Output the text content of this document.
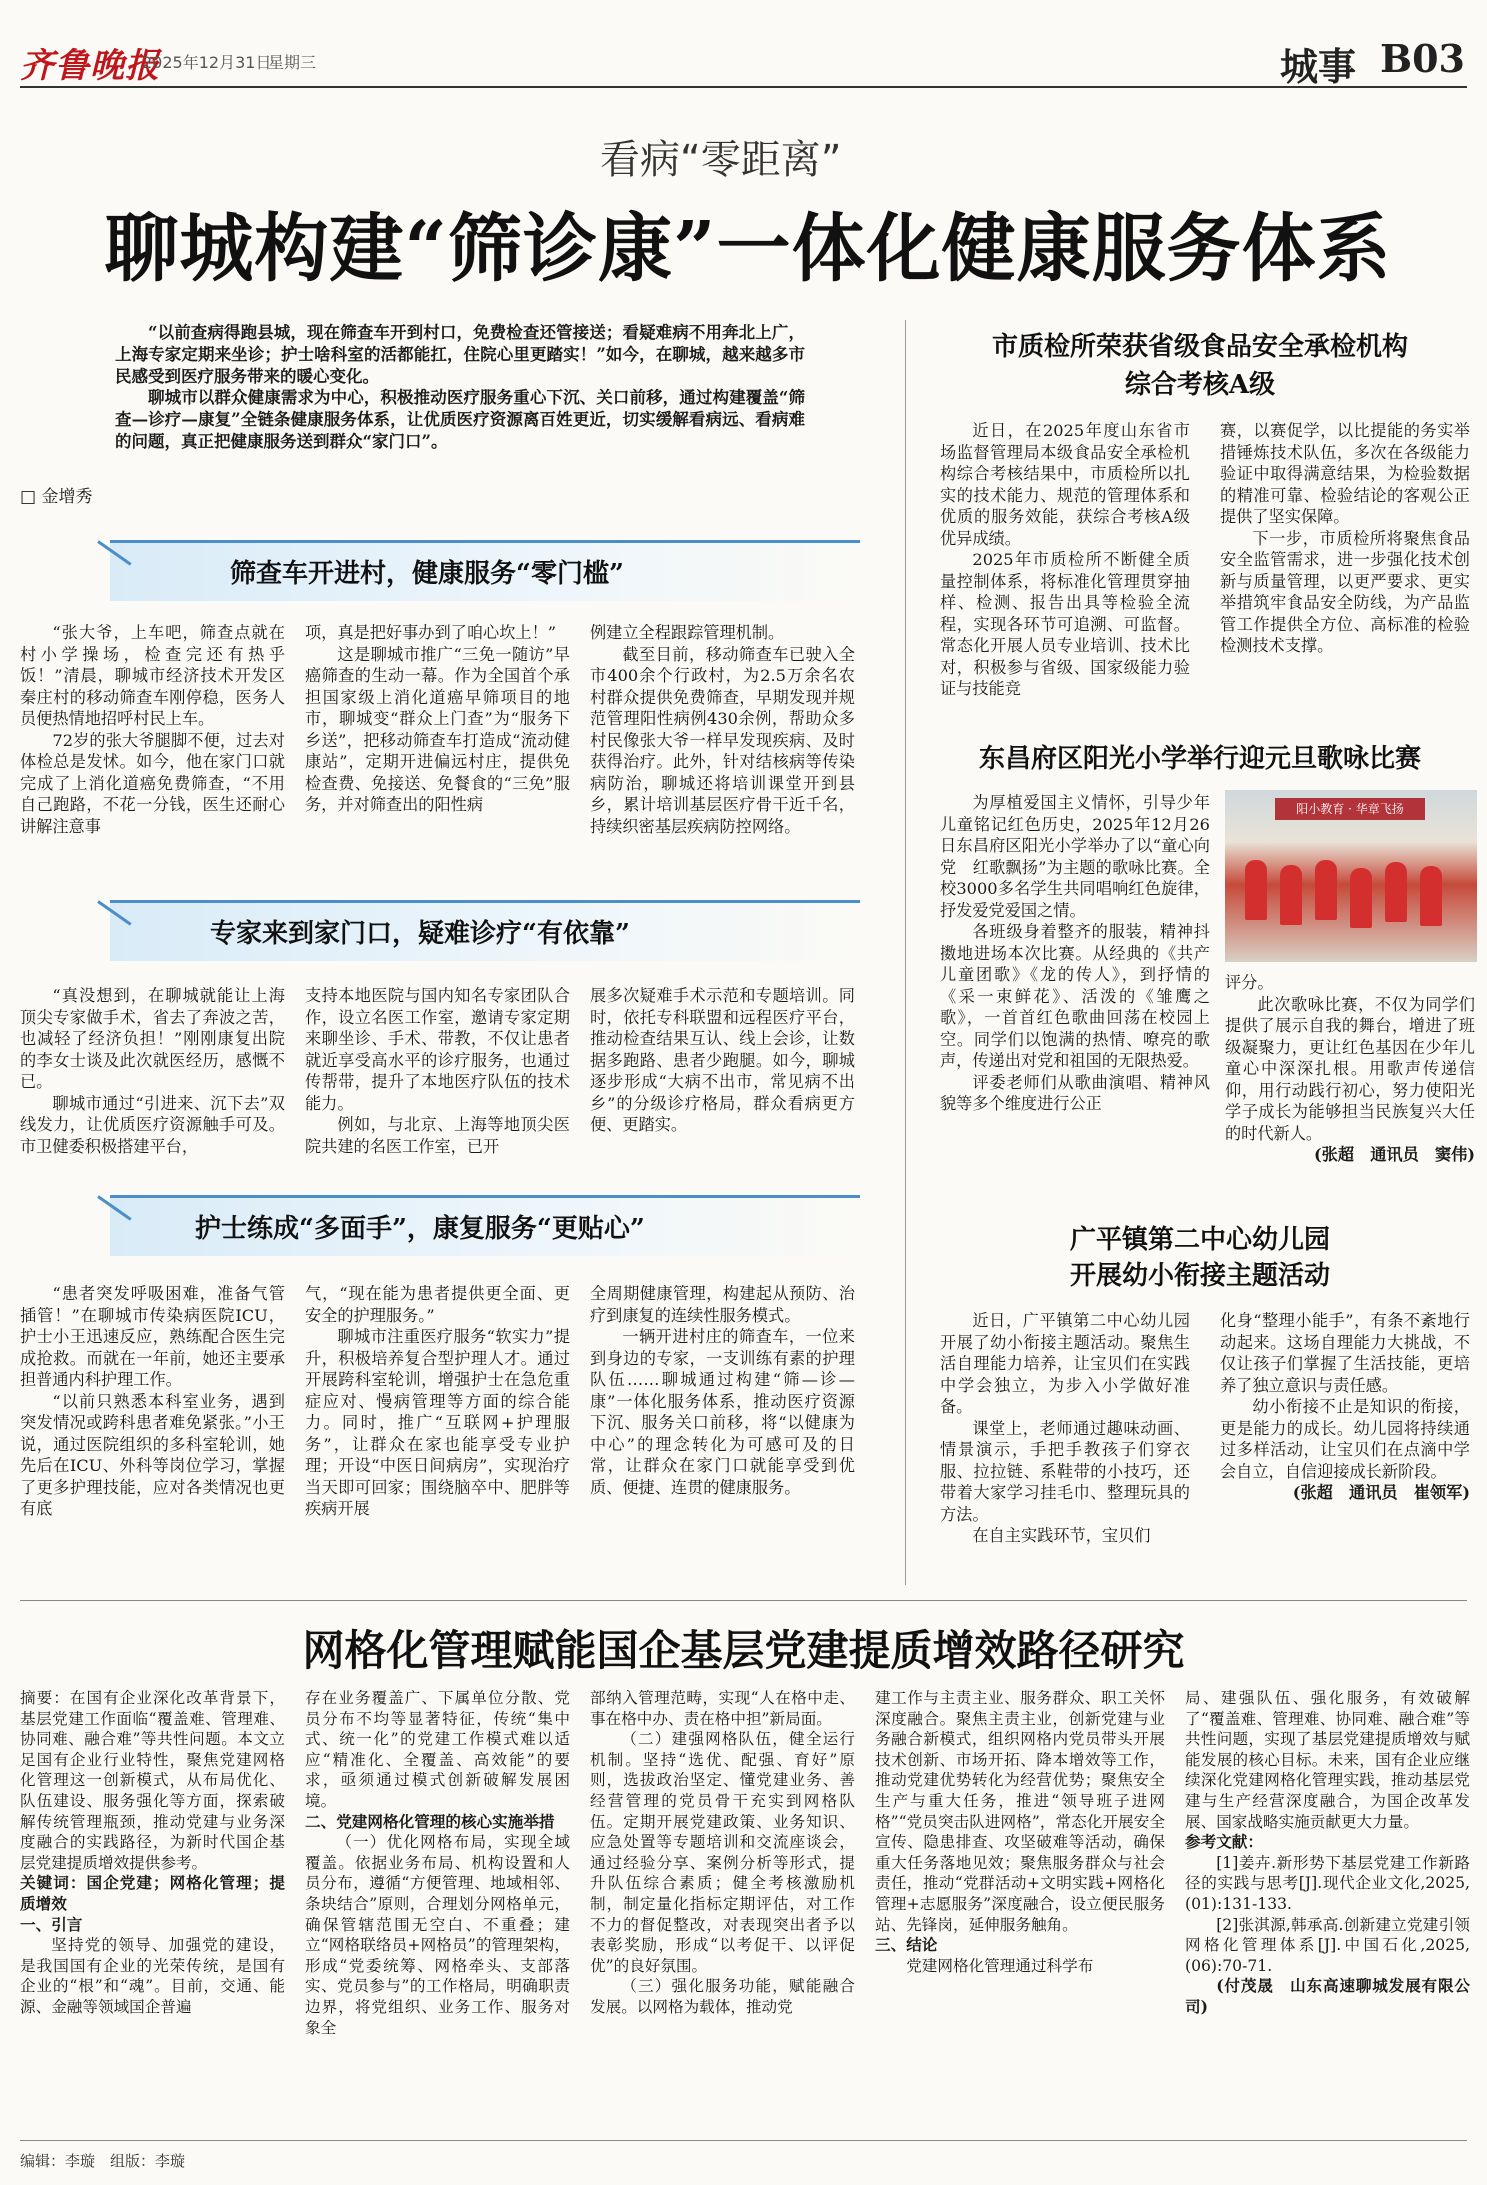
齐鲁晚报
2025年12月31日
星期三	城事 B03
看病“零距离”
聊城构建“筛诊康”一体化健康服务体系

“以前查病得跑县城，现在筛查车开到村口，免费检查还管接送；看疑难病不用奔北上广，上海专家定期来坐诊；护士啥科室的活都能扛，住院心里更踏实！”如今，在聊城，越来越多市民感受到医疗服务带来的暖心变化。

聊城市以群众健康需求为中心，积极推动医疗服务重心下沉、关口前移，通过构建覆盖“筛查—诊疗—康复”全链条健康服务体系，让优质医疗资源离百姓更近，切实缓解看病远、看病难的问题，真正把健康服务送到群众“家门口”。

□ 金增秀
筛查车开进村，健康服务“零门槛”

“张大爷，上车吧，筛查点就在村小学操场，检查完还有热乎饭！”清晨，聊城市经济技术开发区秦庄村的移动筛查车刚停稳，医务人员便热情地招呼村民上车。

72岁的张大爷腿脚不便，过去对体检总是发怵。如今，他在家门口就完成了上消化道癌免费筛查，“不用自己跑路，不花一分钱，医生还耐心讲解注意事

项，真是把好事办到了咱心坎上！”

这是聊城市推广“三免一随访”早癌筛查的生动一幕。作为全国首个承担国家级上消化道癌早筛项目的地市，聊城变“群众上门查”为“服务下乡送”，把移动筛查车打造成“流动健康站”，定期开进偏远村庄，提供免检查费、免接送、免餐食的“三免”服务，并对筛查出的阳性病

例建立全程跟踪管理机制。

截至目前，移动筛查车已驶入全市400余个行政村，为2.5万余名农村群众提供免费筛查，早期发现并规范管理阳性病例430余例，帮助众多村民像张大爷一样早发现疾病、及时获得治疗。此外，针对结核病等传染病防治，聊城还将培训课堂开到县乡，累计培训基层医疗骨干近千名，持续织密基层疾病防控网络。

专家来到家门口，疑难诊疗“有依靠”

“真没想到，在聊城就能让上海顶尖专家做手术，省去了奔波之苦，也减轻了经济负担！”刚刚康复出院的李女士谈及此次就医经历，感慨不已。

聊城市通过“引进来、沉下去”双线发力，让优质医疗资源触手可及。市卫健委积极搭建平台，

支持本地医院与国内知名专家团队合作，设立名医工作室，邀请专家定期来聊坐诊、手术、带教，不仅让患者就近享受高水平的诊疗服务，也通过传帮带，提升了本地医疗队伍的技术能力。

例如，与北京、上海等地顶尖医院共建的名医工作室，已开

展多次疑难手术示范和专题培训。同时，依托专科联盟和远程医疗平台，推动检查结果互认、线上会诊，让数据多跑路、患者少跑腿。如今，聊城逐步形成“大病不出市，常见病不出乡”的分级诊疗格局，群众看病更方便、更踏实。

护士练成“多面手”，康复服务“更贴心”

“患者突发呼吸困难，准备气管插管！”在聊城市传染病医院ICU，护士小王迅速反应，熟练配合医生完成抢救。而就在一年前，她还主要承担普通内科护理工作。

“以前只熟悉本科室业务，遇到突发情况或跨科患者难免紧张。”小王说，通过医院组织的多科室轮训，她先后在ICU、外科等岗位学习，掌握了更多护理技能，应对各类情况也更有底

气，“现在能为患者提供更全面、更安全的护理服务。”

聊城市注重医疗服务“软实力”提升，积极培养复合型护理人才。通过开展跨科室轮训，增强护士在急危重症应对、慢病管理等方面的综合能力。同时，推广“互联网+护理服务”，让群众在家也能享受专业护理；开设“中医日间病房”，实现治疗当天即可回家；围绕脑卒中、肥胖等疾病开展

全周期健康管理，构建起从预防、治疗到康复的连续性服务模式。

一辆开进村庄的筛查车，一位来到身边的专家，一支训练有素的护理队伍……聊城通过构建“筛—诊—康”一体化服务体系，推动医疗资源下沉、服务关口前移，将“以健康为中心”的理念转化为可感可及的日常，让群众在家门口就能享受到优质、便捷、连贯的健康服务。

市质检所荣获省级食品安全承检机构
综合考核A级

近日，在2025年度山东省市场监督管理局本级食品安全承检机构综合考核结果中，市质检所以扎实的技术能力、规范的管理体系和优质的服务效能，获综合考核A级优异成绩。

2025年市质检所不断健全质量控制体系，将标准化管理贯穿抽样、检测、报告出具等检验全流程，实现各环节可追溯、可监督。常态化开展人员专业培训、技术比对，积极参与省级、国家级能力验证与技能竞

赛，以赛促学，以比提能的务实举措锤炼技术队伍，多次在各级能力验证中取得满意结果，为检验数据的精准可靠、检验结论的客观公正提供了坚实保障。

下一步，市质检所将聚焦食品安全监管需求，进一步强化技术创新与质量管理，以更严要求、更实举措筑牢食品安全防线，为产品监管工作提供全方位、高标准的检验检测技术支撑。

东昌府区阳光小学举行迎元旦歌咏比赛
阳小教育 · 华章飞扬

为厚植爱国主义情怀，引导少年儿童铭记红色历史，2025年12月26日东昌府区阳光小学举办了以“童心向党　红歌飘扬”为主题的歌咏比赛。全校3000多名学生共同唱响红色旋律，抒发爱党爱国之情。

各班级身着整齐的服装，精神抖擞地进场本次比赛。从经典的《共产儿童团歌》《龙的传人》，到抒情的《采一束鲜花》、活泼的《雏鹰之歌》，一首首红色歌曲回荡在校园上空。同学们以饱满的热情、嘹亮的歌声，传递出对党和祖国的无限热爱。

评委老师们从歌曲演唱、精神风貌等多个维度进行公正

评分。

此次歌咏比赛，不仅为同学们提供了展示自我的舞台，增进了班级凝聚力，更让红色基因在少年儿童心中深深扎根。用歌声传递信仰，用行动践行初心，努力使阳光学子成长为能够担当民族复兴大任的时代新人。

(张超　通讯员　窦伟)

广平镇第二中心幼儿园
开展幼小衔接主题活动

近日，广平镇第二中心幼儿园开展了幼小衔接主题活动。聚焦生活自理能力培养，让宝贝们在实践中学会独立，为步入小学做好准备。

课堂上，老师通过趣味动画、情景演示，手把手教孩子们穿衣服、拉拉链、系鞋带的小技巧，还带着大家学习挂毛巾、整理玩具的方法。

在自主实践环节，宝贝们

化身“整理小能手”，有条不紊地行动起来。这场自理能力大挑战，不仅让孩子们掌握了生活技能，更培养了独立意识与责任感。

幼小衔接不止是知识的衔接，更是能力的成长。幼儿园将持续通过多样活动，让宝贝们在点滴中学会自立，自信迎接成长新阶段。

(张超　通讯员　崔领军)

网格化管理赋能国企基层党建提质增效路径研究

摘要：在国有企业深化改革背景下，基层党建工作面临“覆盖难、管理难、协同难、融合难”等共性问题。本文立足国有企业行业特性，聚焦党建网格化管理这一创新模式，从布局优化、队伍建设、服务强化等方面，探索破解传统管理瓶颈，推动党建与业务深度融合的实践路径，为新时代国企基层党建提质增效提供参考。

关键词：国企党建；网格化管理；提质增效

一、引言

坚持党的领导、加强党的建设，是我国国有企业的光荣传统，是国有企业的“根”和“魂”。目前，交通、能源、金融等领域国企普遍

存在业务覆盖广、下属单位分散、党员分布不均等显著特征，传统“集中式、统一化”的党建工作模式难以适应“精准化、全覆盖、高效能”的要求，亟须通过模式创新破解发展困境。

二、党建网格化管理的核心实施举措

（一）优化网格布局，实现全域覆盖。依据业务布局、机构设置和人员分布，遵循“方便管理、地域相邻、条块结合”原则，合理划分网格单元，确保管辖范围无空白、不重叠；建立“网格联络员+网格员”的管理架构，形成“党委统筹、网格牵头、支部落实、党员参与”的工作格局，明确职责边界，将党组织、业务工作、服务对象全

部纳入管理范畴，实现“人在格中走、事在格中办、责在格中担”新局面。

（二）建强网格队伍，健全运行机制。坚持“选优、配强、育好”原则，选拔政治坚定、懂党建业务、善经营管理的党员骨干充实到网格队伍。定期开展党建政策、业务知识、应急处置等专题培训和交流座谈会，通过经验分享、案例分析等形式，提升队伍综合素质；健全考核激励机制，制定量化指标定期评估，对工作不力的督促整改，对表现突出者予以表彰奖励，形成“以考促干、以评促优”的良好氛围。

（三）强化服务功能，赋能融合发展。以网格为载体，推动党

建工作与主责主业、服务群众、职工关怀深度融合。聚焦主责主业，创新党建与业务融合新模式，组织网格内党员带头开展技术创新、市场开拓、降本增效等工作，推动党建优势转化为经营优势；聚焦安全生产与重大任务，推进“领导班子进网格”“党员突击队进网格”，常态化开展安全宣传、隐患排查、攻坚破难等活动，确保重大任务落地见效；聚焦服务群众与社会责任，推动“党群活动+文明实践+网格化管理+志愿服务”深度融合，设立便民服务站、先锋岗，延伸服务触角。

三、结论

党建网格化管理通过科学布

局、建强队伍、强化服务，有效破解了“覆盖难、管理难、协同难、融合难”等共性问题，实现了基层党建提质增效与赋能发展的核心目标。未来，国有企业应继续深化党建网格化管理实践，推动基层党建与生产经营深度融合，为国企改革发展、国家战略实施贡献更大力量。

参考文献：

[1]姜卉.新形势下基层党建工作新路径的实践与思考[J].现代企业文化,2025,(01):131-133.

[2]张淇源,韩承高.创新建立党建引领网格化管理体系[J].中国石化,2025,(06):70-71.

(付茂晟　山东高速聊城发展有限公司)

编辑：李璇　组版：李璇
